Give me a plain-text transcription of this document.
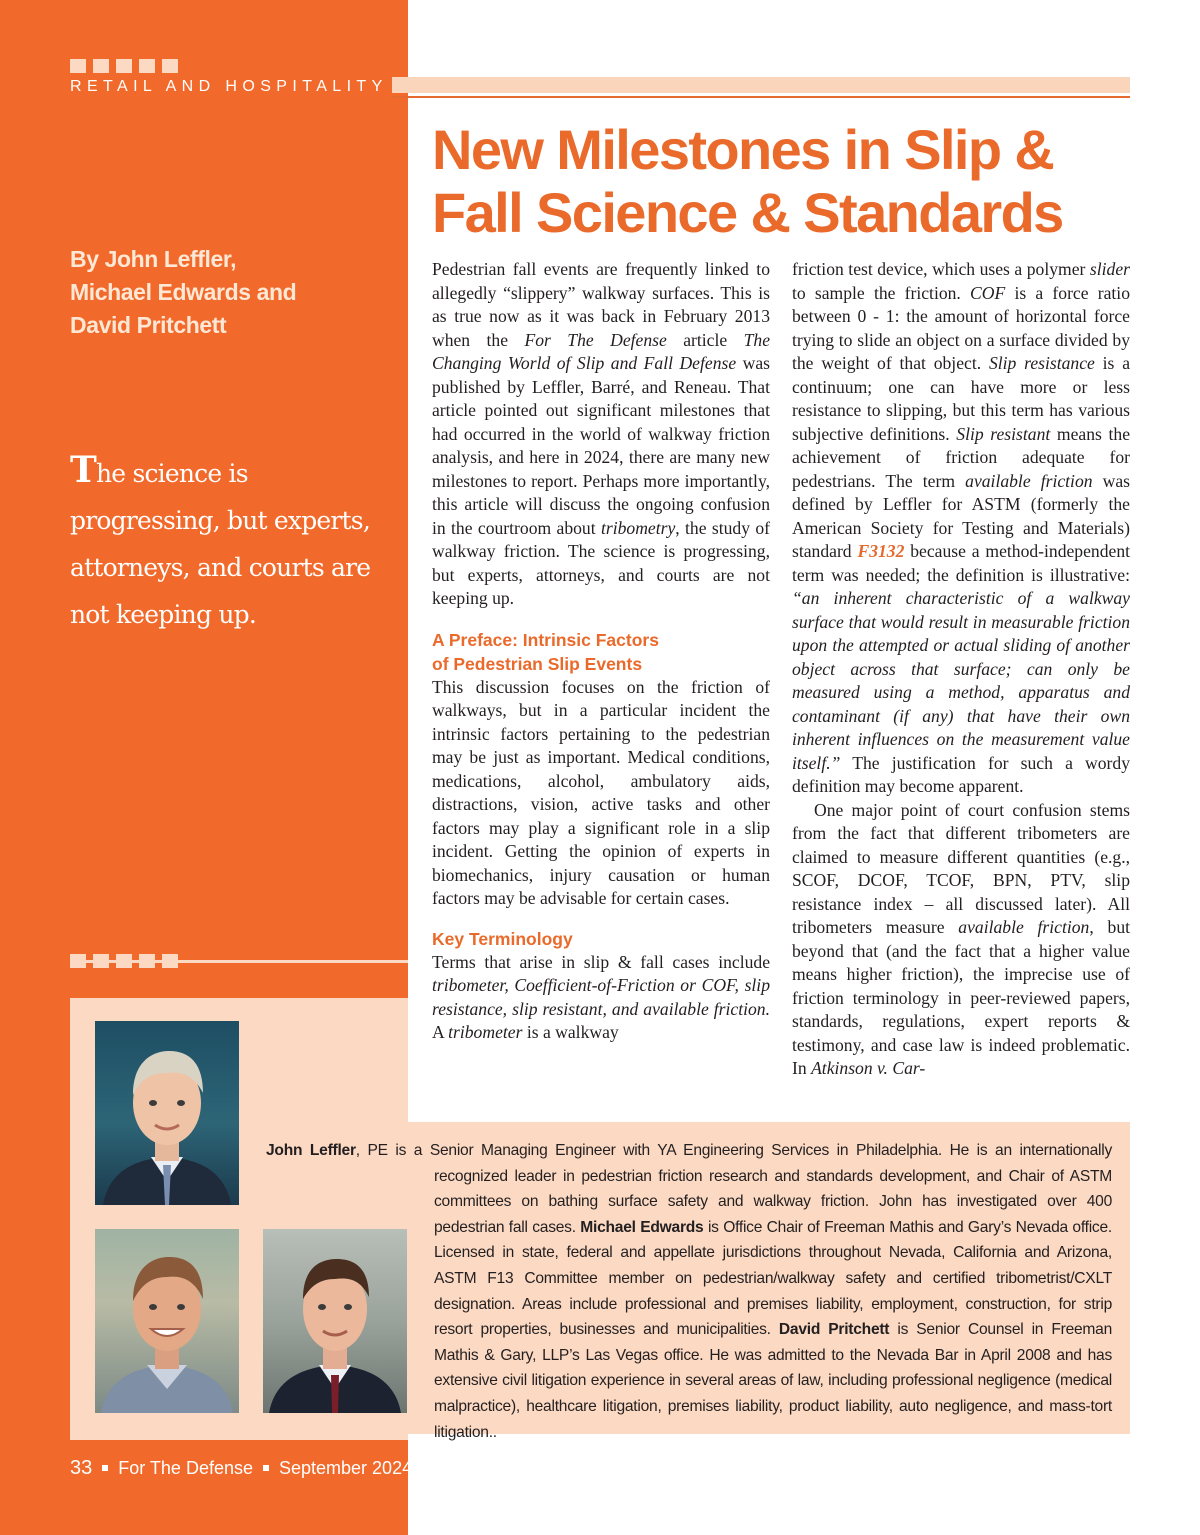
RETAIL AND HOSPITALITY
By John Leffler,
Michael Edwards and
David Pritchett
The science is progressing, but experts, attorneys, and courts are not keeping up.
New Milestones in Slip & Fall Science & Standards

Pedestrian fall events are frequently linked to allegedly “slippery” walkway surfaces. This is as true now as it was back in February 2013 when the For The Defense article The Changing World of Slip and Fall Defense was published by Leffler, Barré, and Reneau. That article pointed out significant milestones that had occurred in the world of walkway friction analysis, and here in 2024, there are many new milestones to report. Perhaps more importantly, this article will discuss the ongoing confusion in the courtroom about tribometry, the study of walkway friction. The science is progressing, but experts, attorneys, and courts are not keeping up.

A Preface: Intrinsic Factors
of Pedestrian Slip Events

This discussion focuses on the friction of walkways, but in a particular incident the intrinsic factors pertaining to the pedestrian may be just as important. Medical conditions, medications, alcohol, ambulatory aids, distractions, vision, active tasks and other factors may play a significant role in a slip incident. Getting the opinion of experts in biomechanics, injury causation or human factors may be advisable for certain cases.

Key Terminology

Terms that arise in slip & fall cases include tribometer, Coefficient-of-Friction or COF, slip resistance, slip resistant, and available friction. A tribometer is a walkway

friction test device, which uses a polymer slider to sample the friction. COF is a force ratio between 0 - 1: the amount of horizontal force trying to slide an object on a surface divided by the weight of that object. Slip resistance is a continuum; one can have more or less resistance to slipping, but this term has various subjective definitions. Slip resistant means the achievement of friction adequate for pedestrians. The term available friction was defined by Leffler for ASTM (formerly the American Society for Testing and Materials) standard F3132 because a method-independent term was needed; the definition is illustrative: “an inherent characteristic of a walkway surface that would result in measurable friction upon the attempted or actual sliding of another object across that surface; can only be measured using a method, apparatus and contaminant (if any) that have their own inherent influences on the measurement value itself.” The justification for such a wordy definition may become apparent.

One major point of court confusion stems from the fact that different tribometers are claimed to measure different quantities (e.g., SCOF, DCOF, TCOF, BPN, PTV, slip resistance index – all discussed later). All tribometers measure available friction, but beyond that (and the fact that a higher value means higher friction), the imprecise use of friction terminology in peer-reviewed papers, standards, regulations, expert reports & testimony, and case law is indeed problematic. In Atkinson v. Car-

John Leffler, PE is a Senior Managing Engineer with YA Engineering Services in Philadelphia. He is an internationally recognized leader in pedestrian friction research and standards development, and Chair of ASTM committees on bathing surface safety and walkway friction. John has investigated over 400 pedestrian fall cases. Michael Edwards is Office Chair of Freeman Mathis and Gary’s Nevada office. Licensed in state, federal and appellate jurisdictions throughout Nevada, California and Arizona, ASTM F13 Committee member on pedestrian/walkway safety and certified tribometrist/CXLT designation. Areas include professional and premises liability, employment, construction, for strip resort properties, businesses and municipalities. David Pritchett is Senior Counsel in Freeman Mathis & Gary, LLP’s Las Vegas office. He was admitted to the Nevada Bar in April 2008 and has extensive civil litigation experience in several areas of law, including professional negligence (medical malpractice), healthcare litigation, premises liability, product liability, auto negligence, and mass-tort litigation..
33 For The Defense September 2024
